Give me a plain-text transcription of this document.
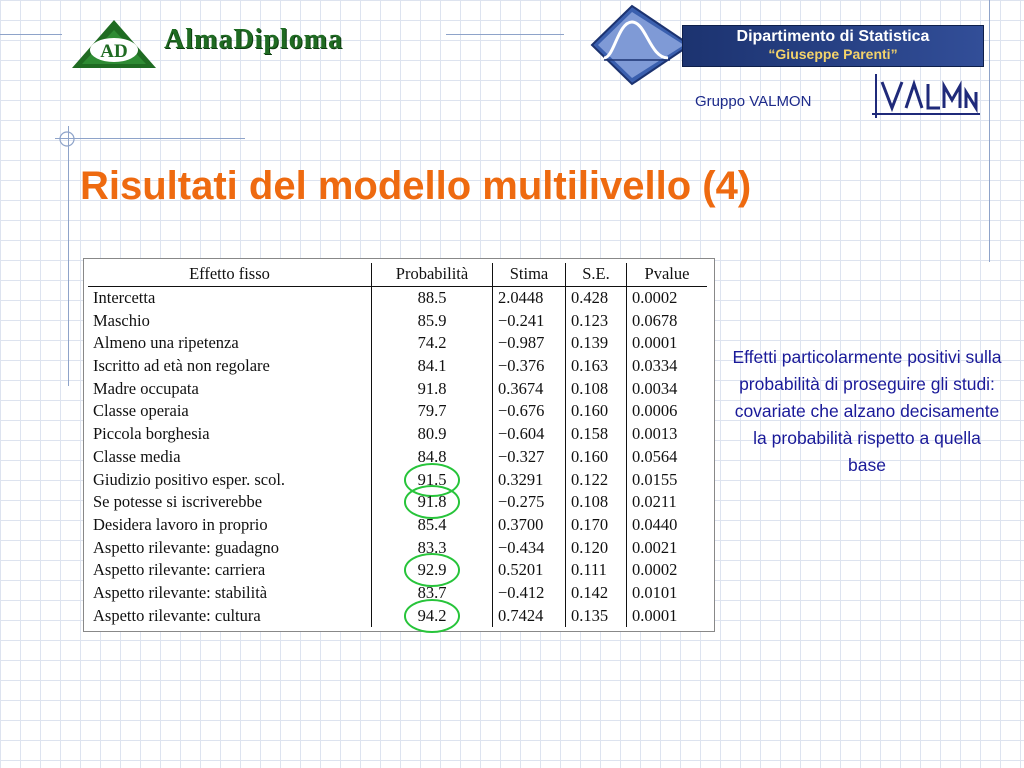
AD AlmaDiploma	Dipartimento di Statistica
“Giuseppe Parenti”
Gruppo VALMON
VALMON
Risultati del modello multilivello (4)
Effetto fisso	Probabilità	Stima	S.E.	Pvalue
Intercetta	88.5	2.0448	0.428	0.0002
Maschio	85.9	−0.241	0.123	0.0678
Almeno una ripetenza	74.2	−0.987	0.139	0.0001
Iscritto ad età non regolare	84.1	−0.376	0.163	0.0334
Madre occupata	91.8	0.3674	0.108	0.0034
Classe operaia	79.7	−0.676	0.160	0.0006
Piccola borghesia	80.9	−0.604	0.158	0.0013
Classe media	84.8	−0.327	0.160	0.0564
Giudizio positivo esper. scol.	91.5	0.3291	0.122	0.0155
Se potesse si iscriverebbe	91.8	−0.275	0.108	0.0211
Desidera lavoro in proprio	85.4	0.3700	0.170	0.0440
Aspetto rilevante: guadagno	83.3	−0.434	0.120	0.0021
Aspetto rilevante: carriera	92.9	0.5201	0.111	0.0002
Aspetto rilevante: stabilità	83.7	−0.412	0.142	0.0101
Aspetto rilevante: cultura	94.2	0.7424	0.135	0.0001

Effetti particolarmente positivi sulla probabilità di proseguire gli studi: covariate che alzano decisamente la probabilità rispetto a quella base
